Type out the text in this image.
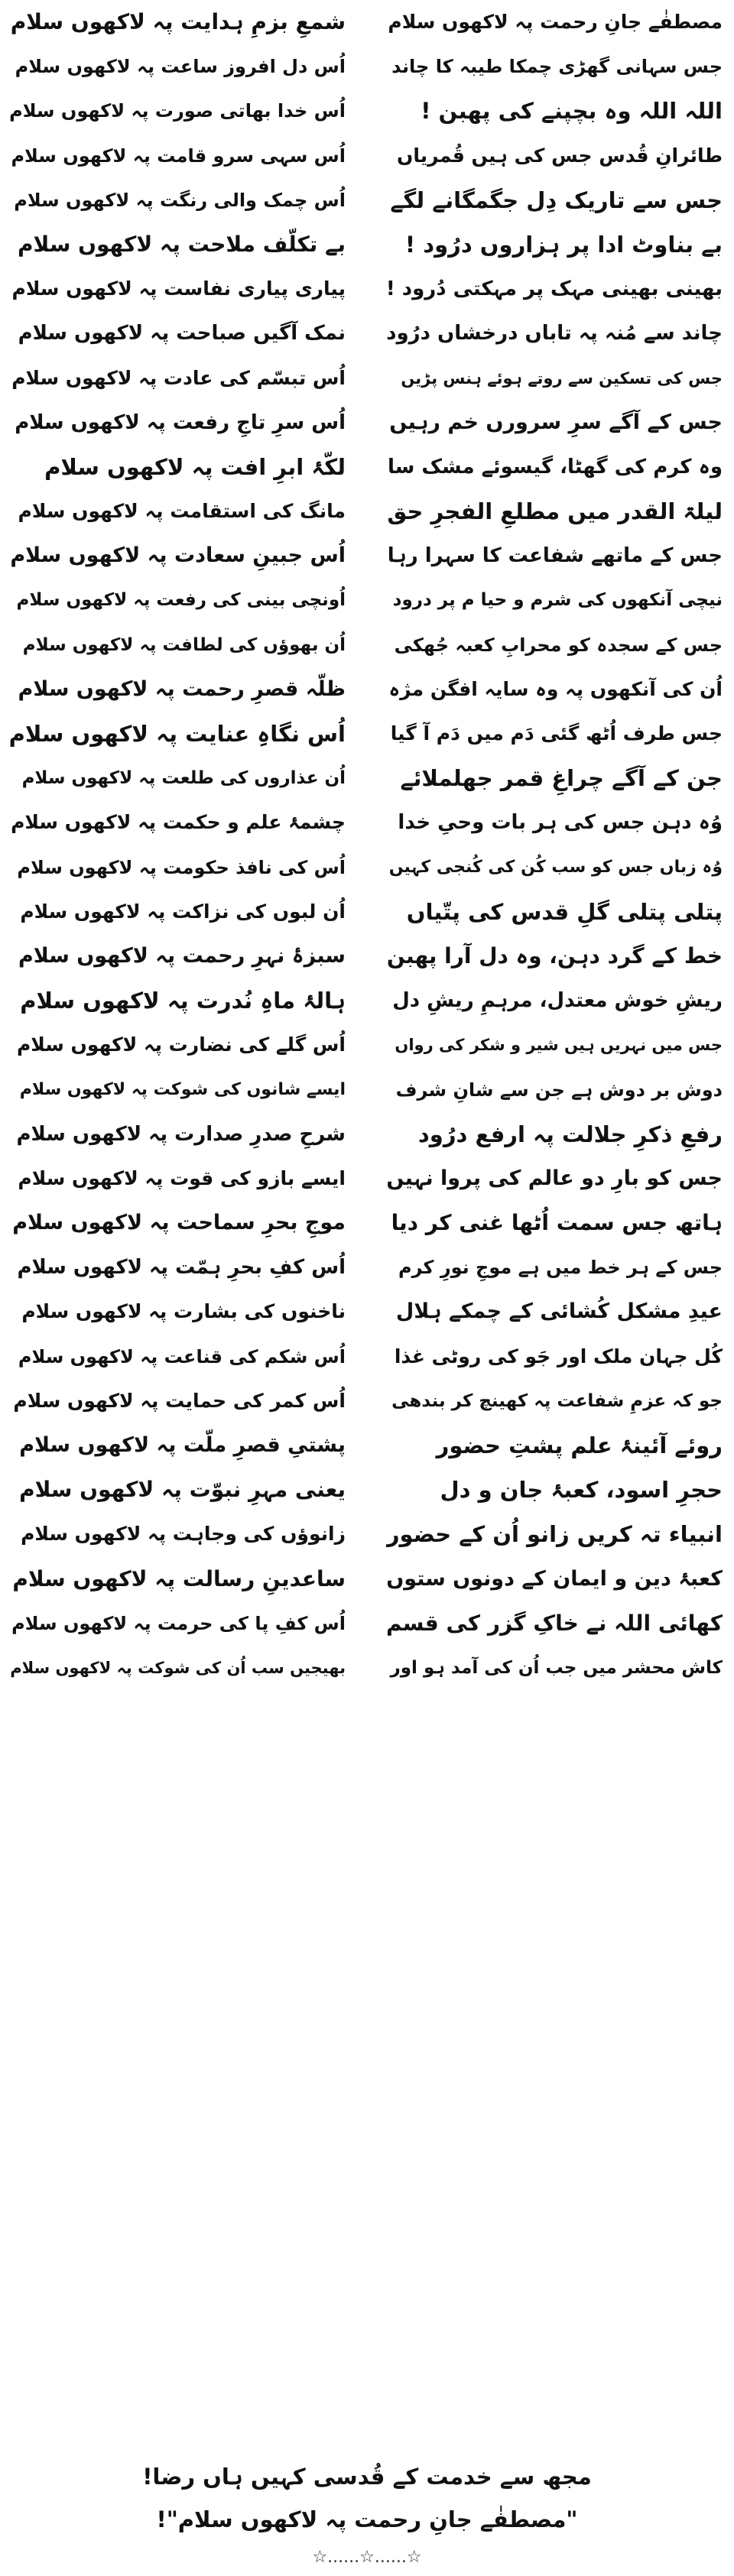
مصطفٰے جانِ رحمت پہ لاکھوں سلام
شمعِ بزمِ ہدایت پہ لاکھوں سلام
جس سہانی گھڑی چمکا طیبہ کا چاند
اُس دل افروز ساعت پہ لاکھوں سلام
اللہ اللہ وہ بچپنے کی پھبن !
اُس خدا بھاتی صورت پہ لاکھوں سلام
طائرانِ قُدس جس کی ہیں قُمریاں
اُس سہی سرو قامت پہ لاکھوں سلام
جس سے تاریک دِل جگمگانے لگے
اُس چمک والی رنگت پہ لاکھوں سلام
بے بناوٹ ادا پر ہزاروں درُود !
بے تکلّف ملاحت پہ لاکھوں سلام
بھینی بھینی مہک پر مہکتی دُرود !
پیاری پیاری نفاست پہ لاکھوں سلام
چاند سے مُنہ پہ تاباں درخشاں درُود
نمک آگیں صباحت پہ لاکھوں سلام
جس کی تسکین سے روتے ہوئے ہنس پڑیں
اُس تبسّم کی عادت پہ لاکھوں سلام
جس کے آگے سرِ سرورں خم رہیں
اُس سرِ تاجِ رفعت پہ لاکھوں سلام
وہ کرم کی گھٹا، گیسوئے مشک سا
لکّۂ ابرِ افت پہ لاکھوں سلام
لیلۃ القدر میں مطلعِ الفجرِ حق
مانگ کی استقامت پہ لاکھوں سلام
جس کے ماتھے شفاعت کا سہرا رہا
اُس جبینِ سعادت پہ لاکھوں سلام
نیچی آنکھوں کی شرم و حیا م پر درود
اُونچی بینی کی رفعت پہ لاکھوں سلام
جس کے سجدہ کو محرابِ کعبہ جُھکی
اُن بھوؤں کی لطافت پہ لاکھوں سلام
اُن کی آنکھوں پہ وہ سایہ افگن مژہ
ظلّہ قصرِ رحمت پہ لاکھوں سلام
جس طرف اُٹھ گئی دَم میں دَم آ گیا
اُس نگاہِ عنایت پہ لاکھوں سلام
جن کے آگے چراغِ قمر جھلملائے
اُن عذاروں کی طلعت پہ لاکھوں سلام
وُہ دہن جس کی ہر بات وحیِ خدا
چشمۂ علم و حکمت پہ لاکھوں سلام
وُہ زباں جس کو سب کُن کی کُنجی کہیں
اُس کی نافذ حکومت پہ لاکھوں سلام
پتلی پتلی گلِ قدس کی پتّیاں
اُن لبوں کی نزاکت پہ لاکھوں سلام
خط کے گرد دہن، وہ دل آرا پھبن
سبزۂ نہرِ رحمت پہ لاکھوں سلام
ریشِ خوش معتدل، مرہمِ ریشِ دل
ہالۂ ماہِ نُدرت پہ لاکھوں سلام
جس میں نہریں ہیں شیر و شکر کی رواں
اُس گلے کی نضارت پہ لاکھوں سلام
دوش بر دوش ہے جن سے شانِ شرف
ایسے شانوں کی شوکت پہ لاکھوں سلام
رفعِ ذکرِ جلالت پہ ارفع درُود
شرحِ صدرِ صدارت پہ لاکھوں سلام
جس کو بارِ دو عالم کی پروا نہیں
ایسے بازو کی قوت پہ لاکھوں سلام
ہاتھ جس سمت اُٹھا غنی کر دیا
موجِ بحرِ سماحت پہ لاکھوں سلام
جس کے ہر خط میں ہے موجِ نورِ کرم
اُس کفِ بحرِ ہمّت پہ لاکھوں سلام
عیدِ مشکل کُشائی کے چمکے ہلال
ناخنوں کی بشارت پہ لاکھوں سلام
کُل جہان ملک اور جَو کی روٹی غذا
اُس شکم کی قناعت پہ لاکھوں سلام
جو کہ عزمِ شفاعت پہ کھینچ کر بندھی
اُس کمر کی حمایت پہ لاکھوں سلام
روئے آئینۂ علم پشتِ حضور
پشتیِ قصرِ ملّت پہ لاکھوں سلام
حجرِ اسود، کعبۂ جان و دل
یعنی مہرِ نبوّت پہ لاکھوں سلام
انبیاء تہ کریں زانو اُن کے حضور
زانوؤں کی وجاہت پہ لاکھوں سلام
کعبۂ دین و ایمان کے دونوں ستوں
ساعدینِ رسالت پہ لاکھوں سلام
کھائی اللہ نے خاکِ گزر کی قسم
اُس کفِ پا کی حرمت پہ لاکھوں سلام
کاش محشر میں جب اُن کی آمد ہو اور
بھیجیں سب اُن کی شوکت پہ لاکھوں سلام
مجھ سے خدمت کے قُدسی کہیں ہاں رضا!
"مصطفٰے جانِ رحمت پہ لاکھوں سلام"!
☆......☆......☆
